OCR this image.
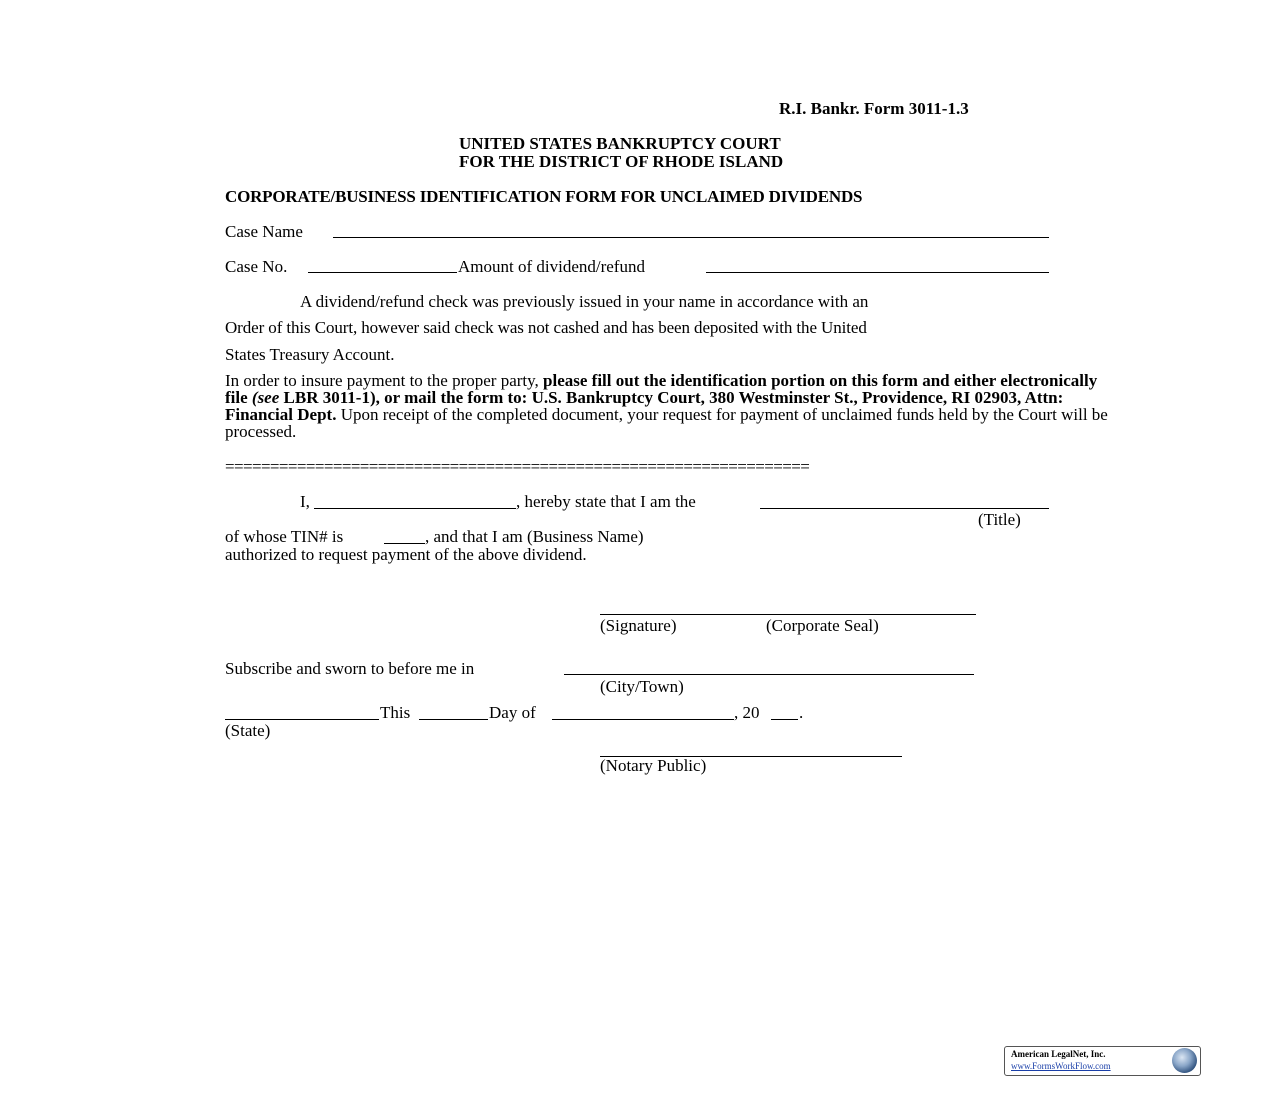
R.I. Bankr. Form 3011-1.3
UNITED STATES BANKRUPTCY COURT
FOR THE DISTRICT OF RHODE ISLAND
CORPORATE/BUSINESS IDENTIFICATION FORM FOR UNCLAIMED DIVIDENDS
Case Name
Case No.	Amount of dividend/refund
A dividend/refund check was previously issued in your name in accordance with an
Order of this Court, however said check was not cashed and has been deposited with the United
States Treasury Account.
In order to insure payment to the proper party, please fill out the identification portion on this form and either electronically file (see LBR 3011-1), or mail the form to: U.S. Bankruptcy Court, 380 Westminster St., Providence, RI 02903, Attn: Financial Dept. Upon receipt of the completed document, your request for payment of unclaimed funds held by the Court will be processed.
=================================================================
I,	, hereby state that I am the
(Title)
of whose TIN# is	, and that I am (Business Name)
authorized to request payment of the above dividend.
(Signature)	(Corporate Seal)
Subscribe and sworn to before me in
(City/Town)
This	Day of	, 20 .
(State)
(Notary Public)
American LegalNet, Inc.
www.FormsWorkFlow.com
